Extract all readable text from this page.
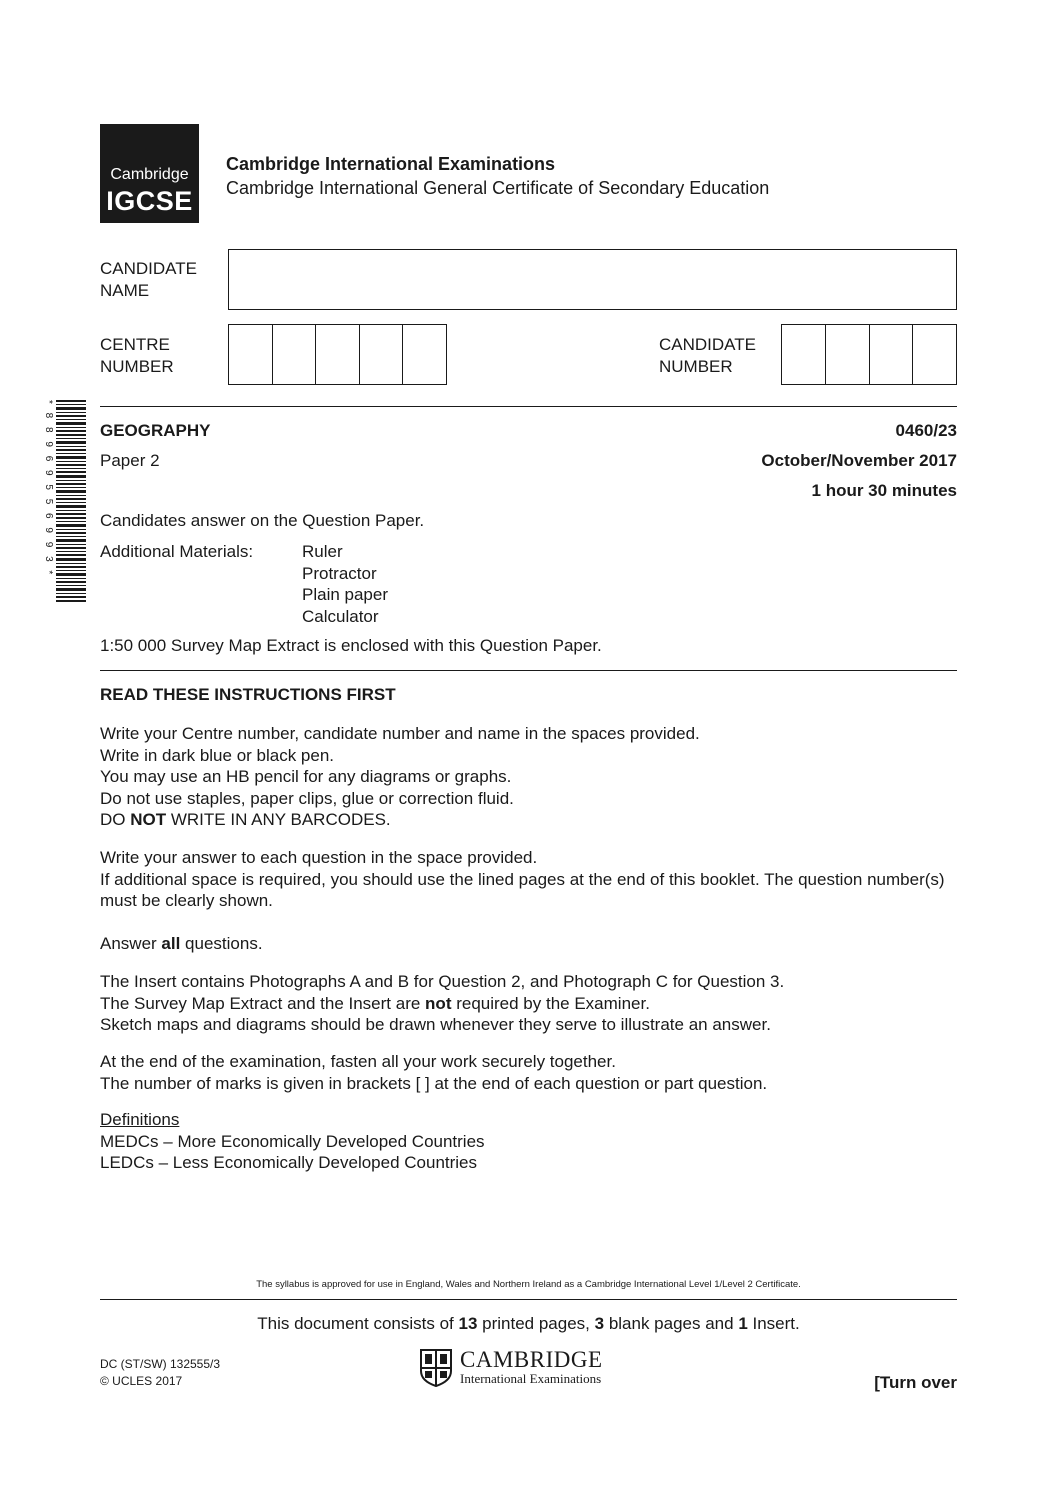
Cambridge
IGCSE
Cambridge International Examinations
Cambridge International General Certificate of Secondary Education
CANDIDATE
NAME
CENTRE
NUMBER
CANDIDATE
NUMBER
* 8 8 9 6 9 5 5 6 9 9 3 *	GEOGRAPHY	0460/23
Paper 2	October/November 2017
1 hour 30 minutes
Candidates answer on the Question Paper.
Additional Materials:	Ruler
Protractor
Plain paper
Calculator
1:50 000 Survey Map Extract is enclosed with this Question Paper.
READ THESE INSTRUCTIONS FIRST
Write your Centre number, candidate number and name in the spaces provided.
Write in dark blue or black pen.
You may use an HB pencil for any diagrams or graphs.
Do not use staples, paper clips, glue or correction fluid.
DO NOT WRITE IN ANY BARCODES.
Write your answer to each question in the space provided.
If additional space is required, you should use the lined pages at the end of this booklet. The question number(s)
must be clearly shown.
Answer all questions.
The Insert contains Photographs A and B for Question 2, and Photograph C for Question 3.
The Survey Map Extract and the Insert are not required by the Examiner.
Sketch maps and diagrams should be drawn whenever they serve to illustrate an answer.
At the end of the examination, fasten all your work securely together.
The number of marks is given in brackets [ ] at the end of each question or part question.
Definitions
MEDCs – More Economically Developed Countries
LEDCs – Less Economically Developed Countries
The syllabus is approved for use in England, Wales and Northern Ireland as a Cambridge International Level 1/Level 2 Certificate.
This document consists of 13 printed pages, 3 blank pages and 1 Insert.
DC (ST/SW) 132555/3
© UCLES 2017
CAMBRIDGE
International Examinations	[Turn over
